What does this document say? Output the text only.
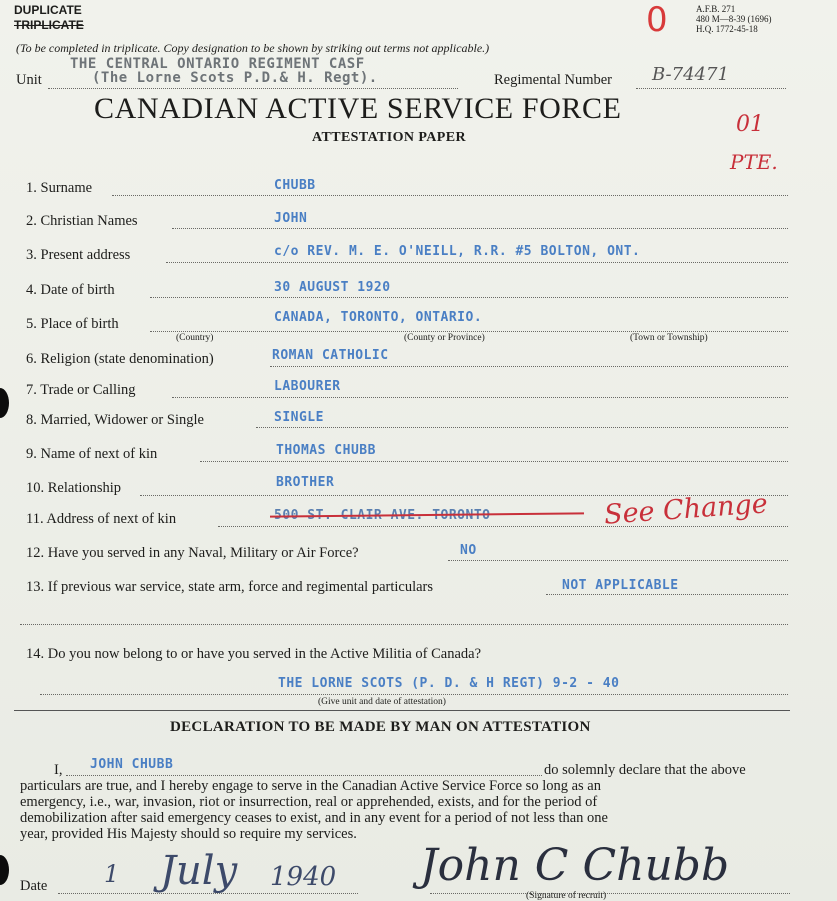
DUPLICATE
TRIPLICATE	0	A.F.B. 271
480 M—8-39 (1696)
H.Q. 1772-45-18
(To be completed in triplicate. Copy designation to be shown by striking out terms not applicable.)
Unit
THE CENTRAL ONTARIO REGIMENT CASF
(The Lorne Scots P.D.& H. Regt).	Regimental Number B-74471
CANADIAN ACTIVE SERVICE FORCE
ATTESTATION PAPER
01
PTE.
1. Surname	CHUBB
2. Christian Names	JOHN
3. Present address	c/o REV. M. E. O'NEILL, R.R. #5 BOLTON, ONT.
4. Date of birth	30 AUGUST 1920
5. Place of birth	CANADA, TORONTO, ONTARIO.
(Country)	(County or Province)	(Town or Township)
6. Religion (state denomination)	ROMAN CATHOLIC
7. Trade or Calling	LABOURER
8. Married, Widower or Single	SINGLE
9. Name of next of kin	THOMAS CHUBB
10. Relationship	BROTHER
11. Address of next of kin	500 ST. CLAIR AVE. TORONTO	See Change
12. Have you served in any Naval, Military or Air Force?	NO
13. If previous war service, state arm, force and regimental particulars	NOT APPLICABLE
14. Do you now belong to or have you served in the Active Militia of Canada?
THE LORNE SCOTS (P. D. & H REGT) 9-2 - 40
(Give unit and date of attestation)
DECLARATION TO BE MADE BY MAN ON ATTESTATION
I, JOHN CHUBB	do solemnly declare that the above
particulars are true, and I hereby engage to serve in the Canadian Active Service Force so long as an
emergency, i.e., war, invasion, riot or insurrection, real or apprehended, exists, and for the period of
demobilization after said emergency ceases to exist, and in any event for a period of not less than one
year, provided His Majesty should so require my services.
Date 1 July 1940 John C Chubb
(Signature of recruit)
